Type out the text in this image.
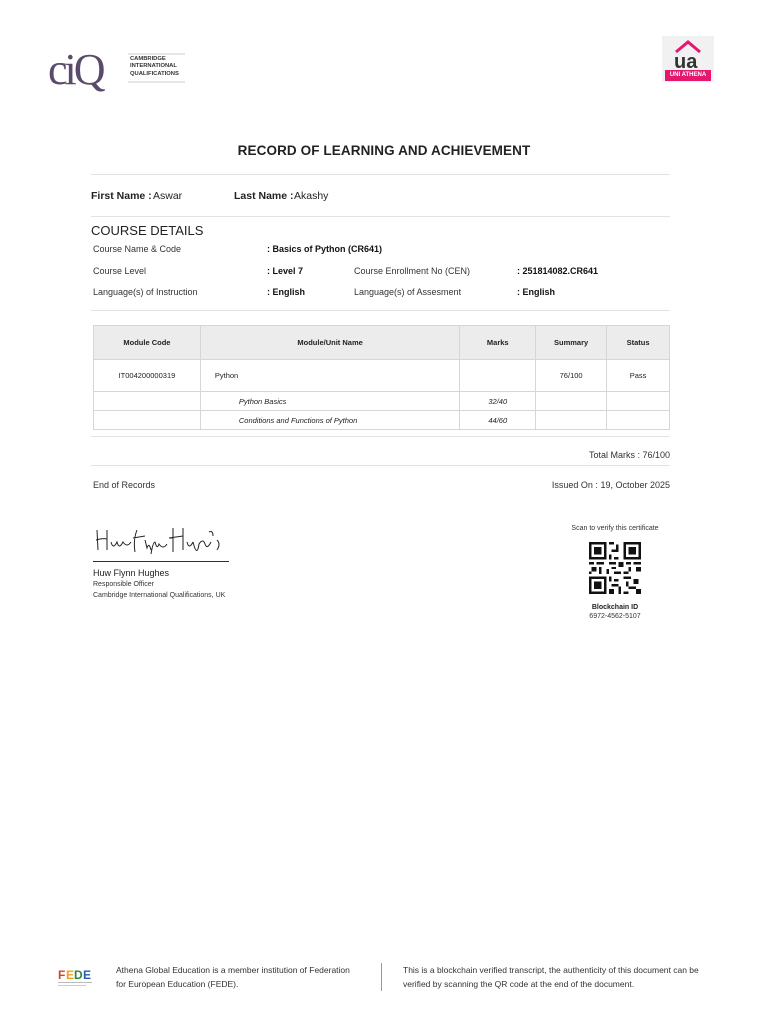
ciQ	CAMBRIDGE
INTERNATIONAL
QUALIFICATIONS
ua
UNI ATHENA
RECORD OF LEARNING AND ACHIEVEMENT
First Name : Aswar	Last Name : Akashy
COURSE DETAILS
Course Name & Code	: Basics of Python (CR641)
Course Level	: Level 7	Course Enrollment No (CEN)	: 251814082.CR641
Language(s) of Instruction	: English	Language(s) of Assesment	: English
Module Code	Module/Unit Name	Marks	Summary	Status
IT004200000319	Python		76/100	Pass
	Python Basics	32/40		
	Conditions and Functions of Python	44/60		
Total Marks : 76/100
End of Records	Issued On : 19, October 2025
Huw Flynn Hughes
Responsible Officer
Cambridge International Qualifications, UK
Scan to verify this certificate
Blockchain ID
6972-4562-5107
F E D E	Athena Global Education is a member institution of Federation
for European Education (FEDE).
This is a blockchain verified transcript, the authenticity of this document can be
verified by scanning the QR code at the end of the document.
